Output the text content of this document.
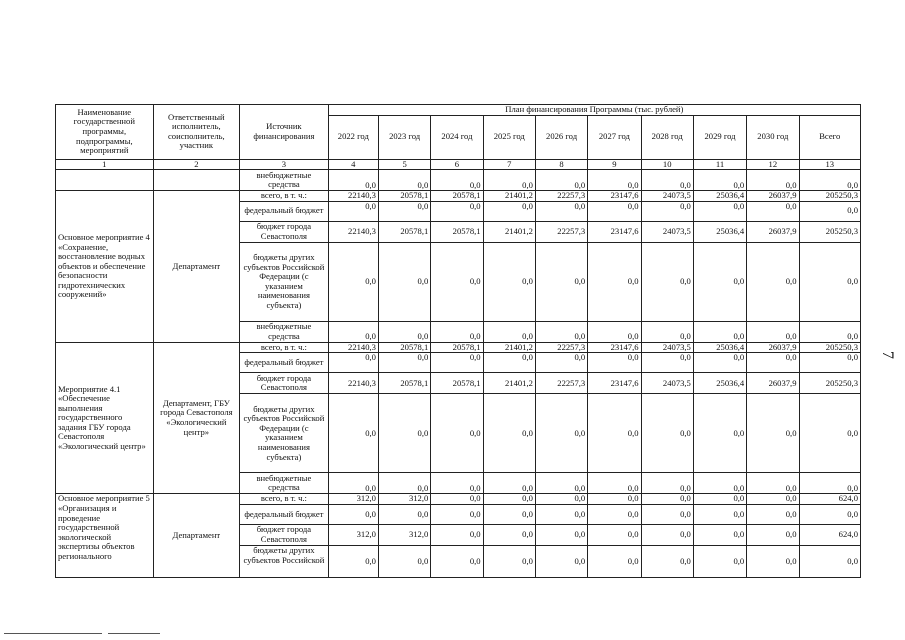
Наименование государственной программы, подпрограммы, мероприятий	Ответственный исполнитель, соисполнитель, участник	Источник финансирования	План финансирования Программы (тыс. рублей)									
			2022 год	2023 год	2024 год	2025 год	2026 год	2027 год	2028 год	2029 год	2030 год	Всего
1	2	3	4	5	6	7	8	9	10	11	12	13
		внебюджетные средства	0,0	0,0	0,0	0,0	0,0	0,0	0,0	0,0	0,0	0,0
Основное мероприятие 4 «Сохранение, восстановление водных объектов и обеспечение безопасности гидротехнических сооружений»	Департамент	всего, в т. ч.:	22140,3	20578,1	20578,1	21401,2	22257,3	23147,6	24073,5	25036,4	26037,9	205250,3
		федеральный бюджет	0,0	0,0	0,0	0,0	0,0	0,0	0,0	0,0	0,0	0,0
		бюджет города Севастополя	22140,3	20578,1	20578,1	21401,2	22257,3	23147,6	24073,5	25036,4	26037,9	205250,3
		бюджеты других субъектов Российской Федерации (с указанием наименования субъекта)	0,0	0,0	0,0	0,0	0,0	0,0	0,0	0,0	0,0	0,0
		внебюджетные средства	0,0	0,0	0,0	0,0	0,0	0,0	0,0	0,0	0,0	0,0
Мероприятие 4.1 «Обеспечение выполнения государственного задания ГБУ города Севастополя «Экологический центр»	Департамент, ГБУ города Севастополя «Экологический центр»	всего, в т. ч.:	22140,3	20578,1	20578,1	21401,2	22257,3	23147,6	24073,5	25036,4	26037,9	205250,3
		федеральный бюджет	0,0	0,0	0,0	0,0	0,0	0,0	0,0	0,0	0,0	0,0
		бюджет города Севастополя	22140,3	20578,1	20578,1	21401,2	22257,3	23147,6	24073,5	25036,4	26037,9	205250,3
		бюджеты других субъектов Российской Федерации (с указанием наименования субъекта)	0,0	0,0	0,0	0,0	0,0	0,0	0,0	0,0	0,0	0,0
		внебюджетные средства	0,0	0,0	0,0	0,0	0,0	0,0	0,0	0,0	0,0	0,0
Основное мероприятие 5 «Организация и проведение государственной экологической экспертизы объектов регионального	Департамент	всего, в т. ч.:	312,0	312,0	0,0	0,0	0,0	0,0	0,0	0,0	0,0	624,0
		федеральный бюджет	0,0	0,0	0,0	0,0	0,0	0,0	0,0	0,0	0,0	0,0
		бюджет города Севастополя	312,0	312,0	0,0	0,0	0,0	0,0	0,0	0,0	0,0	624,0
		бюджеты других субъектов Российской	0,0	0,0	0,0	0,0	0,0	0,0	0,0	0,0	0,0	0,0
7
